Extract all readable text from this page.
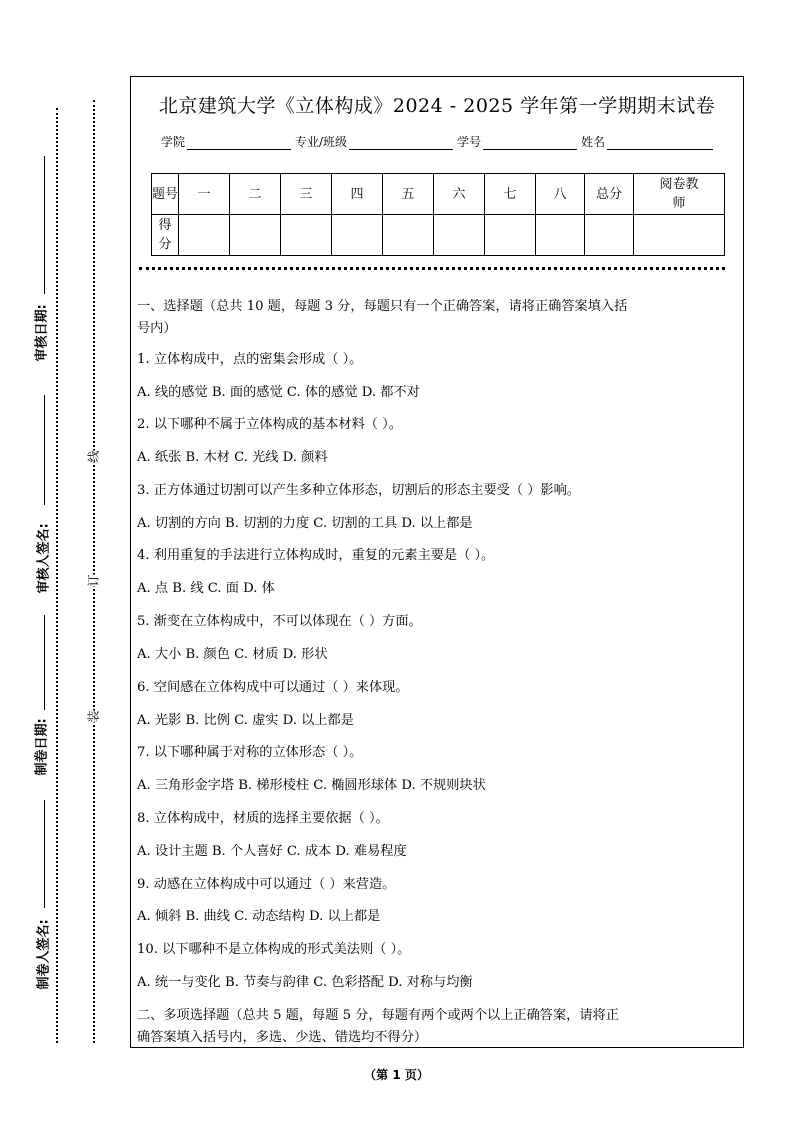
审核日期:
审核人签名:
制卷日期:
制卷人签名:
线
订
装
北京建筑大学《立体构成》2024 - 2025 学年第一学期期末试卷
学院	专业/班级	学号	姓名
题号	一	二	三	四	五	六	七	八	总分	阅卷教师

得分										

一、选择题（总共 10 题，每题 3 分，每题只有一个正确答案，请将正确答案填入括
号内）
1. 立体构成中，点的密集会形成（ ）。
A. 线的感觉 B. 面的感觉 C. 体的感觉 D. 都不对
2. 以下哪种不属于立体构成的基本材料（ ）。
A. 纸张 B. 木材 C. 光线 D. 颜料
3. 正方体通过切割可以产生多种立体形态，切割后的形态主要受（ ）影响。
A. 切割的方向 B. 切割的力度 C. 切割的工具 D. 以上都是
4. 利用重复的手法进行立体构成时，重复的元素主要是（ ）。
A. 点 B. 线 C. 面 D. 体
5. 渐变在立体构成中，不可以体现在（ ）方面。
A. 大小 B. 颜色 C. 材质 D. 形状
6. 空间感在立体构成中可以通过（ ）来体现。
A. 光影 B. 比例 C. 虚实 D. 以上都是
7. 以下哪种属于对称的立体形态（ ）。
A. 三角形金字塔 B. 梯形棱柱 C. 椭圆形球体 D. 不规则块状
8. 立体构成中，材质的选择主要依据（ ）。
A. 设计主题 B. 个人喜好 C. 成本 D. 难易程度
9. 动感在立体构成中可以通过（ ）来营造。
A. 倾斜 B. 曲线 C. 动态结构 D. 以上都是
10. 以下哪种不是立体构成的形式美法则（ ）。
A. 统一与变化 B. 节奏与韵律 C. 色彩搭配 D. 对称与均衡
二、多项选择题（总共 5 题，每题 5 分，每题有两个或两个以上正确答案，请将正
确答案填入括号内，多选、少选、错选均不得分）
（第 1 页）
